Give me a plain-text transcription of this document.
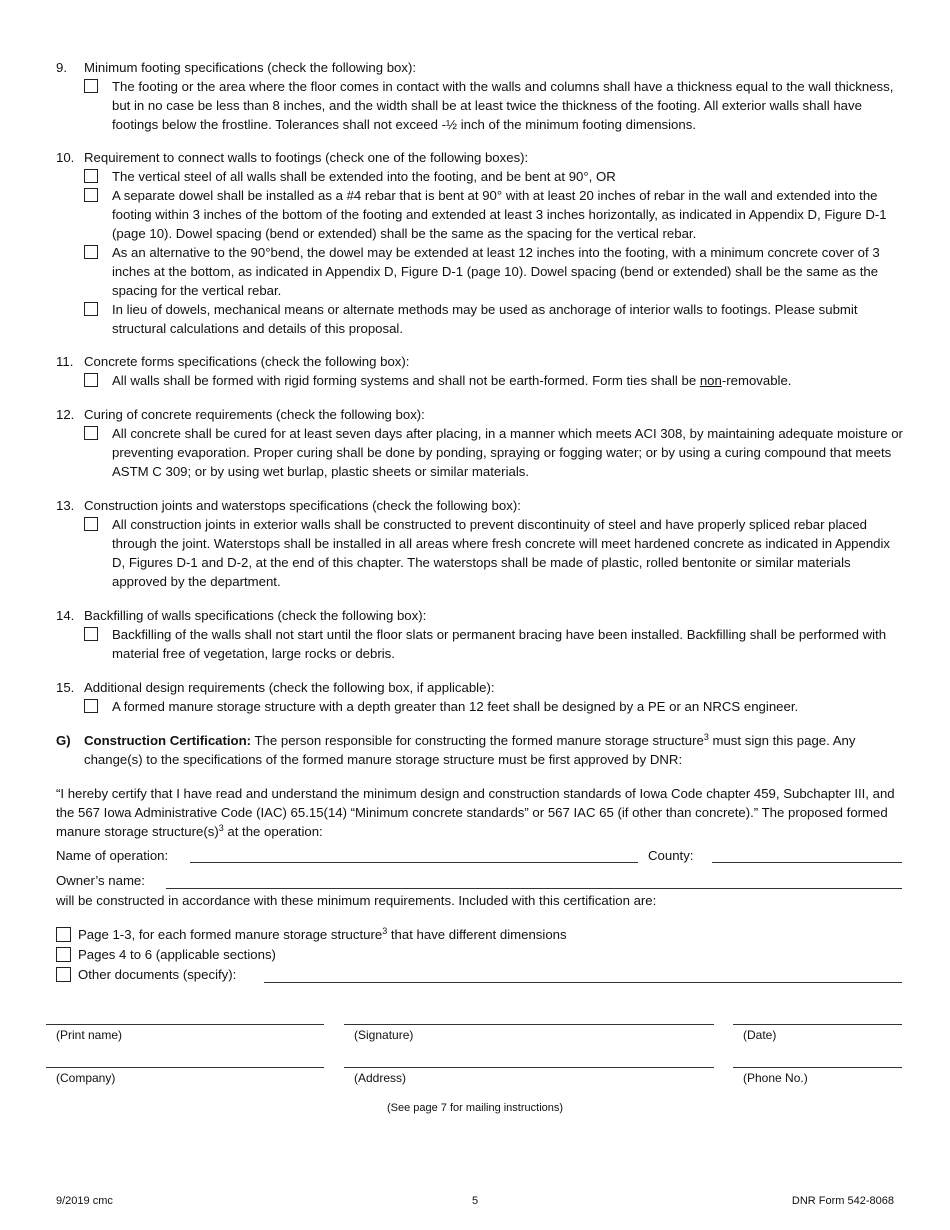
9.	Minimum footing specifications (check the following box):
The footing or the area where the floor comes in contact with the walls and columns shall have a thickness equal to the wall thickness, but in no case be less than 8 inches, and the width shall be at least twice the thickness of the footing. All exterior walls shall have footings below the frostline. Tolerances shall not exceed -½ inch of the minimum footing dimensions.
10. Requirement to connect walls to footings (check one of the following boxes):
The vertical steel of all walls shall be extended into the footing, and be bent at 90°, OR
A separate dowel shall be installed as a #4 rebar that is bent at 90° with at least 20 inches of rebar in the wall and extended into the footing within 3 inches of the bottom of the footing and extended at least 3 inches horizontally, as indicated in Appendix D, Figure D-1 (page 10). Dowel spacing (bend or extended) shall be the same as the spacing for the vertical rebar.
As an alternative to the 90°bend, the dowel may be extended at least 12 inches into the footing, with a minimum concrete cover of 3 inches at the bottom, as indicated in Appendix D, Figure D-1 (page 10). Dowel spacing (bend or extended) shall be the same as the spacing for the vertical rebar.
In lieu of dowels, mechanical means or alternate methods may be used as anchorage of interior walls to footings. Please submit structural calculations and details of this proposal.
11. Concrete forms specifications (check the following box):
All walls shall be formed with rigid forming systems and shall not be earth-formed. Form ties shall be non-removable.
12. Curing of concrete requirements (check the following box):
All concrete shall be cured for at least seven days after placing, in a manner which meets ACI 308, by maintaining adequate moisture or preventing evaporation. Proper curing shall be done by ponding, spraying or fogging water; or by using a curing compound that meets ASTM C 309; or by using wet burlap, plastic sheets or similar materials.
13. Construction joints and waterstops specifications (check the following box):
All construction joints in exterior walls shall be constructed to prevent discontinuity of steel and have properly spliced rebar placed through the joint. Waterstops shall be installed in all areas where fresh concrete will meet hardened concrete as indicated in Appendix D, Figures D-1 and D-2, at the end of this chapter. The waterstops shall be made of plastic, rolled bentonite or similar materials approved by the department.
14. Backfilling of walls specifications (check the following box):
Backfilling of the walls shall not start until the floor slats or permanent bracing have been installed. Backfilling shall be performed with material free of vegetation, large rocks or debris.
15. Additional design requirements (check the following box, if applicable):
A formed manure storage structure with a depth greater than 12 feet shall be designed by a PE or an NRCS engineer.
G)	Construction Certification: The person responsible for constructing the formed manure storage structure$^3$ must sign this page. Any change(s) to the specifications of the formed manure storage structure must be first approved by DNR:
“I hereby certify that I have read and understand the minimum design and construction standards of Iowa Code chapter 459, Subchapter III, and the 567 Iowa Administrative Code (IAC) 65.15(14) “Minimum concrete standards” or 567 IAC 65 (if other than concrete).” The proposed formed manure storage $structure(s)^3$ at the operation:
Name of operation:	County:
Owner’s name:
will be constructed in accordance with these minimum requirements. Included with this certification are:
Page 1-3, for each formed manure storage structure$^3$ that have different dimensions
Pages 4 to 6 (applicable sections)
Other documents (specify):
(Print name)	(Signature)	(Date)
(Company)	(Address)	(Phone No.)
(See page 7 for mailing instructions)
9/2019 cmc	5	DNR Form 542-8068
